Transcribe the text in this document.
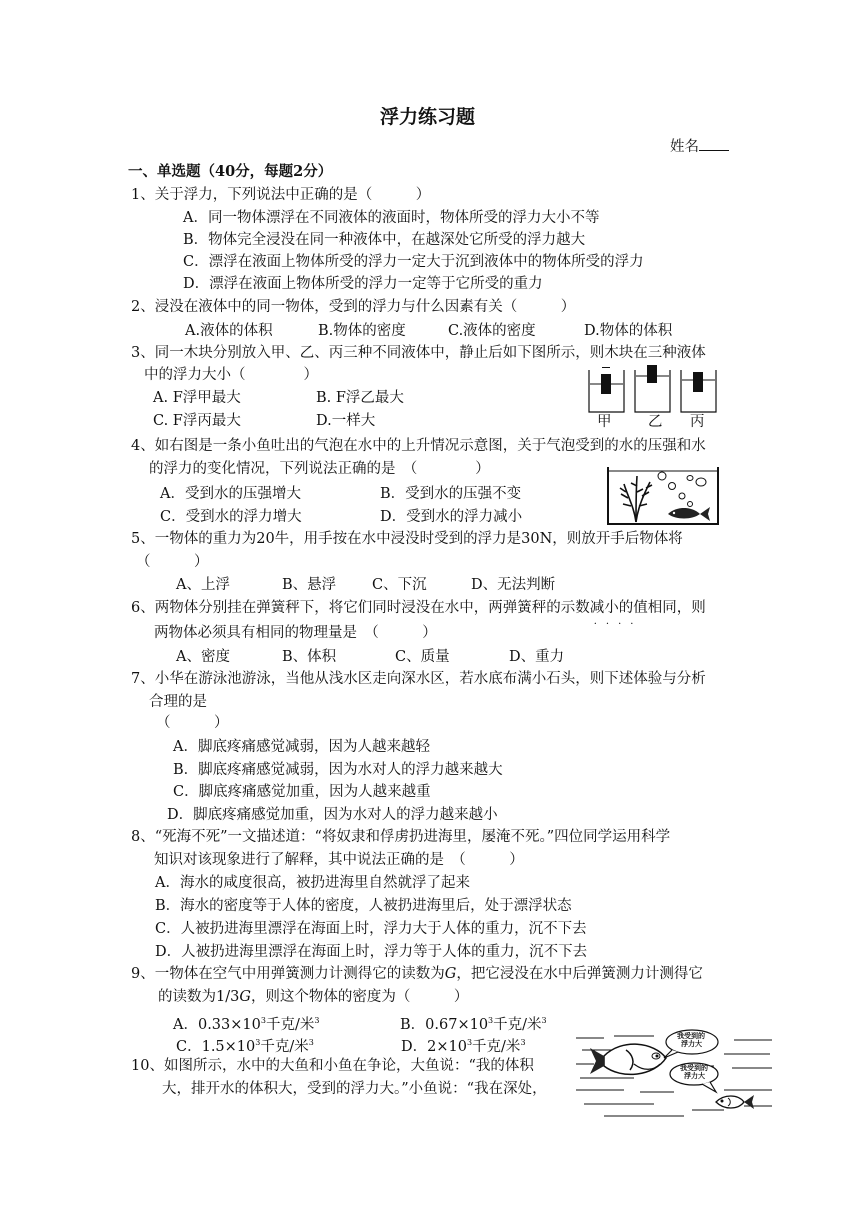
浮力练习题
姓名
一、单选题（40分，每题2分）
1、关于浮力，下列说法中正确的是（　　　）
A．同一物体漂浮在不同液体的液面时，物体所受的浮力大小不等
B．物体完全浸没在同一种液体中，在越深处它所受的浮力越大
C．漂浮在液面上物体所受的浮力一定大于沉到液体中的物体所受的浮力
D．漂浮在液面上物体所受的浮力一定等于它所受的重力
2、浸没在液体中的同一物体，受到的浮力与什么因素有关（　　　）
A.液体的体积	B.物体的密度	C.液体的密度	D.物体的体积
3、同一木块分别放入甲、乙、丙三种不同液体中，静止后如下图所示，则木块在三种液体
中的浮力大小（　　　　）
A. F浮甲最大	B. F浮乙最大
C. F浮丙最大	D.一样大	甲	乙 丙
4、如右图是一条小鱼吐出的气泡在水中的上升情况示意图，关于气泡受到的水的压强和水
的浮力的变化情况，下列说法正确的是　（　　　　）
A．受到水的压强增大	B．受到水的压强不变
C．受到水的浮力增大	D．受到水的浮力减小
5、一物体的重力为20牛，用手按在水中浸没时受到的浮力是30N，则放开手后物体将
（　　　）
A、上浮	B、悬浮 C、下沉	D、无法判断
6、两物体分别挂在弹簧秤下，将它们同时浸没在水中，两弹簧秤的示数减小的值
····
相同，则
两物体必须具有相同的物理量是　（　　　）
A、密度	B、体积	C、质量	D、重力
7、小华在游泳池游泳，当他从浅水区走向深水区，若水底布满小石头，则下述体验与分析
合理的是
（　　　）
A．脚底疼痛感觉减弱，因为人越来越轻
B．脚底疼痛感觉减弱，因为水对人的浮力越来越大
C．脚底疼痛感觉加重，因为人越来越重
D．脚底疼痛感觉加重，因为水对人的浮力越来越小
8、“死海不死”一文描述道：“将奴隶和俘虏扔进海里，屡淹不死。”四位同学运用科学
知识对该现象进行了解释，其中说法正确的是　（　　　）
A．海水的咸度很高，被扔进海里自然就浮了起来
B．海水的密度等于人体的密度，人被扔进海里后，处于漂浮状态
C．人被扔进海里漂浮在海面上时，浮力大于人体的重力，沉不下去
D．人被扔进海里漂浮在海面上时，浮力等于人体的重力，沉不下去
9、一物体在空气中用弹簧测力计测得它的读数为G，把它浸没在水中后弹簧测力计测得它
的读数为1/3G，则这个物体的密度为（　　　）
A．$0.33\times 10^3$千克/米$^3$	B．$0.67\times 10^3$千克/米$^3$
C．$1.5\times 10^3$千克/米$^3$	D．$2\times 10^3$千克/米$^3$
10、如图所示，水中的大鱼和小鱼在争论，大鱼说：“我的体积
大，排开水的体积大，受到的浮力大。”小鱼说：“我在深处，
我受到的
浮力大
我受到的
浮力大
